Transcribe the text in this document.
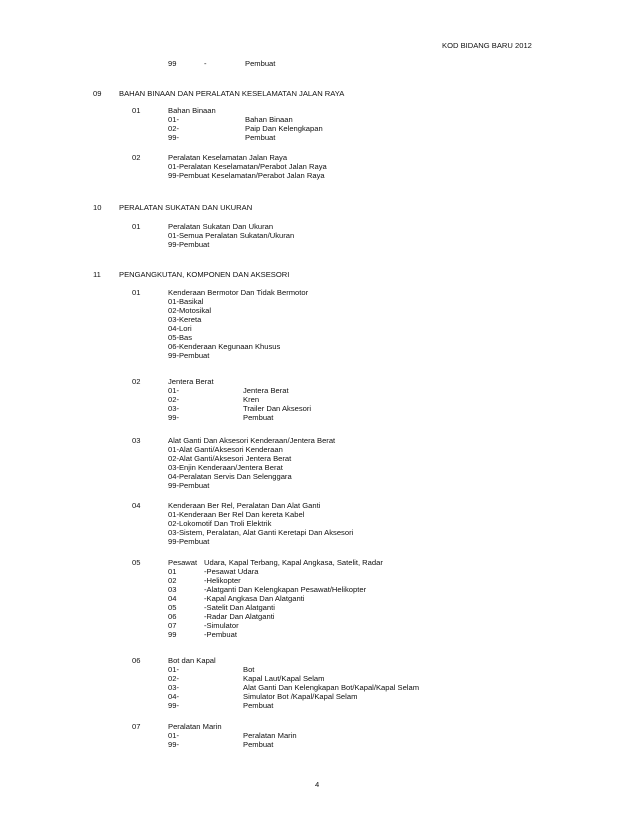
KOD BIDANG BARU 2012
99	-	Pembuat
09 BAHAN BINAAN DAN PERALATAN KESELAMATAN JALAN RAYA
01	Bahan Binaan
01-	Bahan Binaan
02-	Paip Dan Kelengkapan
99-	Pembuat
02	Peralatan Keselamatan Jalan Raya
01-Peralatan Keselamatan/Perabot Jalan Raya
99-Pembuat Keselamatan/Perabot Jalan Raya
10 PERALATAN SUKATAN DAN UKURAN
01	Peralatan Sukatan Dan Ukuran
01-Semua Peralatan Sukatan/Ukuran
99-Pembuat
11 PENGANGKUTAN, KOMPONEN DAN AKSESORI
01	Kenderaan Bermotor Dan Tidak Bermotor
01-Basikal
02-Motosikal
03-Kereta
04-Lori
05-Bas
06-Kenderaan Kegunaan Khusus
99-Pembuat
02	Jentera Berat
01-	Jentera Berat
02-	Kren
03-	Trailer Dan Aksesori
99-	Pembuat
03	Alat Ganti Dan Aksesori Kenderaan/Jentera Berat
01-Alat Ganti/Aksesori Kenderaan
02-Alat Ganti/Aksesori Jentera Berat
03-Enjin Kenderaan/Jentera Berat
04-Peralatan Servis Dan Selenggara
99-Pembuat
04	Kenderaan Ber Rel, Peralatan Dan Alat Ganti
01-Kenderaan Ber Rel Dan kereta Kabel
02-Lokomotif Dan Troli Elektrik
03-Sistem, Peralatan, Alat Ganti Keretapi Dan Aksesori
99-Pembuat
05	Pesawat Udara, Kapal Terbang, Kapal Angkasa, Satelit, Radar
01	-Pesawat Udara
02	-Helikopter
03	-Alatganti Dan Kelengkapan Pesawat/Helikopter
04	-Kapal Angkasa Dan Alatganti
05	-Satelit Dan Alatganti
06	-Radar Dan Alatganti
07	-Simulator
99	-Pembuat
06	Bot dan Kapal
01-	Bot
02-	Kapal Laut/Kapal Selam
03-	Alat Ganti Dan Kelengkapan Bot/Kapal/Kapal Selam
04-	Simulator Bot /Kapal/Kapal Selam
99-	Pembuat
07	Peralatan Marin
01-	Peralatan Marin
99-	Pembuat
4
